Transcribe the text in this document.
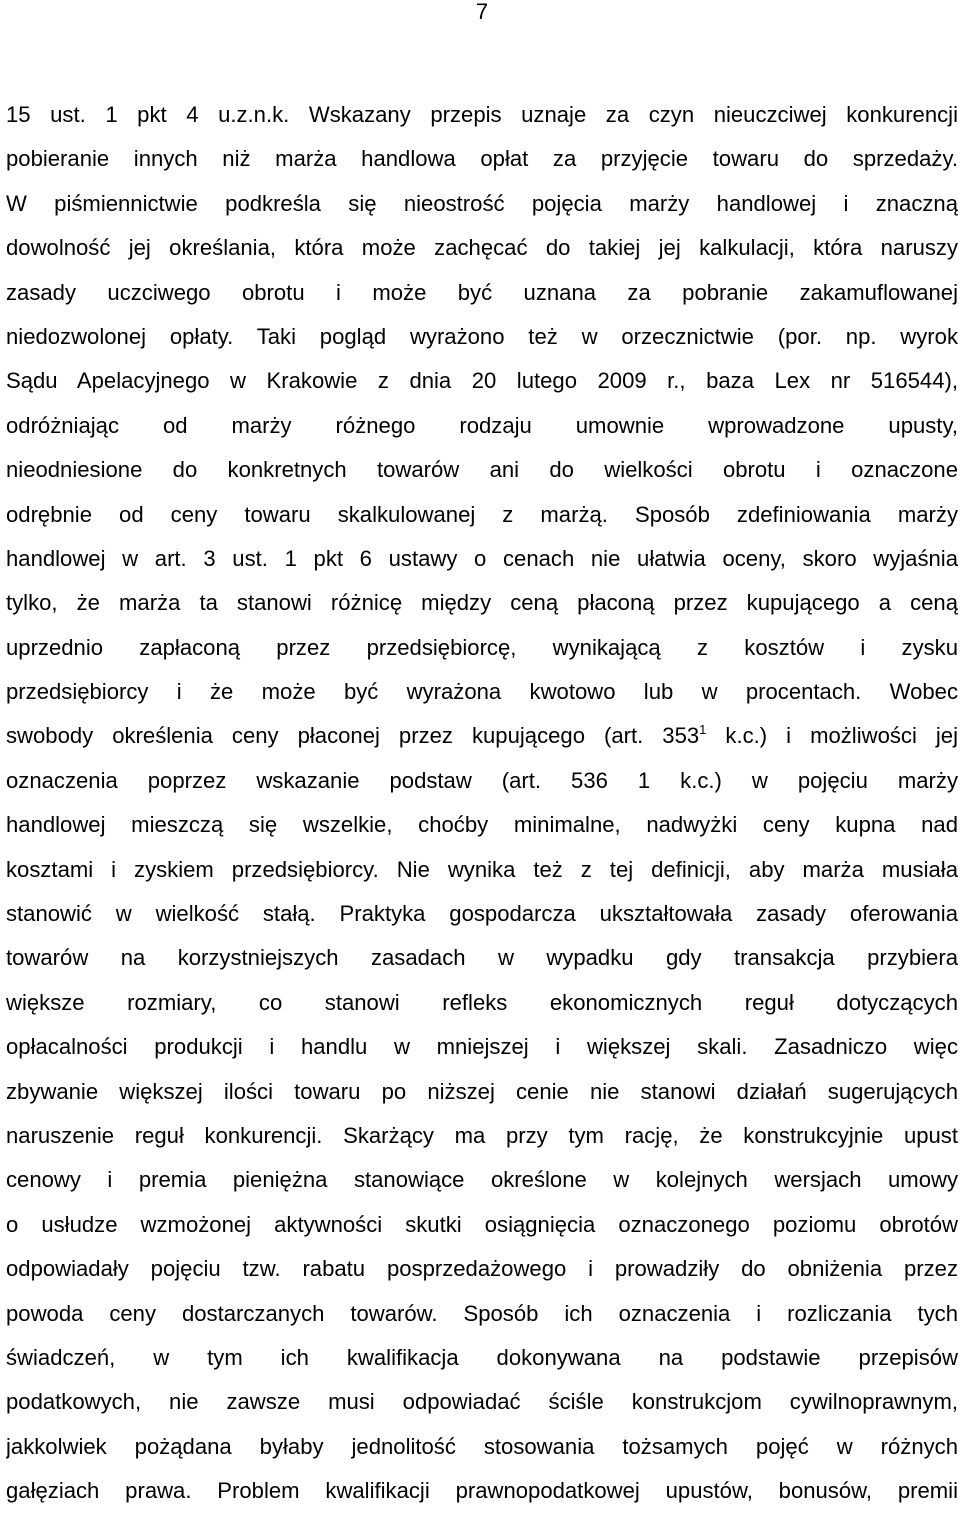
7
15 ust. 1 pkt 4 u.z.n.k. Wskazany przepis uznaje za czyn nieuczciwej konkurencji
pobieranie innych niż marża handlowa opłat za przyjęcie towaru do sprzedaży.
W piśmiennictwie podkreśla się nieostrość pojęcia marży handlowej i znaczną
dowolność jej określania, która może zachęcać do takiej jej kalkulacji, która naruszy
zasady uczciwego obrotu i może być uznana za pobranie zakamuflowanej
niedozwolonej opłaty. Taki pogląd wyrażono też w orzecznictwie (por. np. wyrok
Sądu Apelacyjnego w Krakowie z dnia 20 lutego 2009 r., baza Lex nr 516544),
odróżniając od marży różnego rodzaju umownie wprowadzone upusty,
nieodniesione do konkretnych towarów ani do wielkości obrotu i oznaczone
odrębnie od ceny towaru skalkulowanej z marżą. Sposób zdefiniowania marży
handlowej w art. 3 ust. 1 pkt 6 ustawy o cenach nie ułatwia oceny, skoro wyjaśnia
tylko, że marża ta stanowi różnicę między ceną płaconą przez kupującego a ceną
uprzednio zapłaconą przez przedsiębiorcę, wynikającą z kosztów i zysku
przedsiębiorcy i że może być wyrażona kwotowo lub w procentach. Wobec
swobody określenia ceny płaconej przez kupującego (art. $353^1$ k.c.) i możliwości jej
oznaczenia poprzez wskazanie podstaw (art. 536 1 k.c.) w pojęciu marży
handlowej mieszczą się wszelkie, choćby minimalne, nadwyżki ceny kupna nad
kosztami i zyskiem przedsiębiorcy. Nie wynika też z tej definicji, aby marża musiała
stanowić w wielkość stałą. Praktyka gospodarcza ukształtowała zasady oferowania
towarów na korzystniejszych zasadach w wypadku gdy transakcja przybiera
większe rozmiary, co stanowi refleks ekonomicznych reguł dotyczących
opłacalności produkcji i handlu w mniejszej i większej skali. Zasadniczo więc
zbywanie większej ilości towaru po niższej cenie nie stanowi działań sugerujących
naruszenie reguł konkurencji. Skarżący ma przy tym rację, że konstrukcyjnie upust
cenowy i premia pieniężna stanowiące określone w kolejnych wersjach umowy
o usłudze wzmożonej aktywności skutki osiągnięcia oznaczonego poziomu obrotów
odpowiadały pojęciu tzw. rabatu posprzedażowego i prowadziły do obniżenia przez
powoda ceny dostarczanych towarów. Sposób ich oznaczenia i rozliczania tych
świadczeń, w tym ich kwalifikacja dokonywana na podstawie przepisów
podatkowych, nie zawsze musi odpowiadać ściśle konstrukcjom cywilnoprawnym,
jakkolwiek pożądana byłaby jednolitość stosowania tożsamych pojęć w różnych
gałęziach prawa. Problem kwalifikacji prawnopodatkowej upustów, bonusów, premii
